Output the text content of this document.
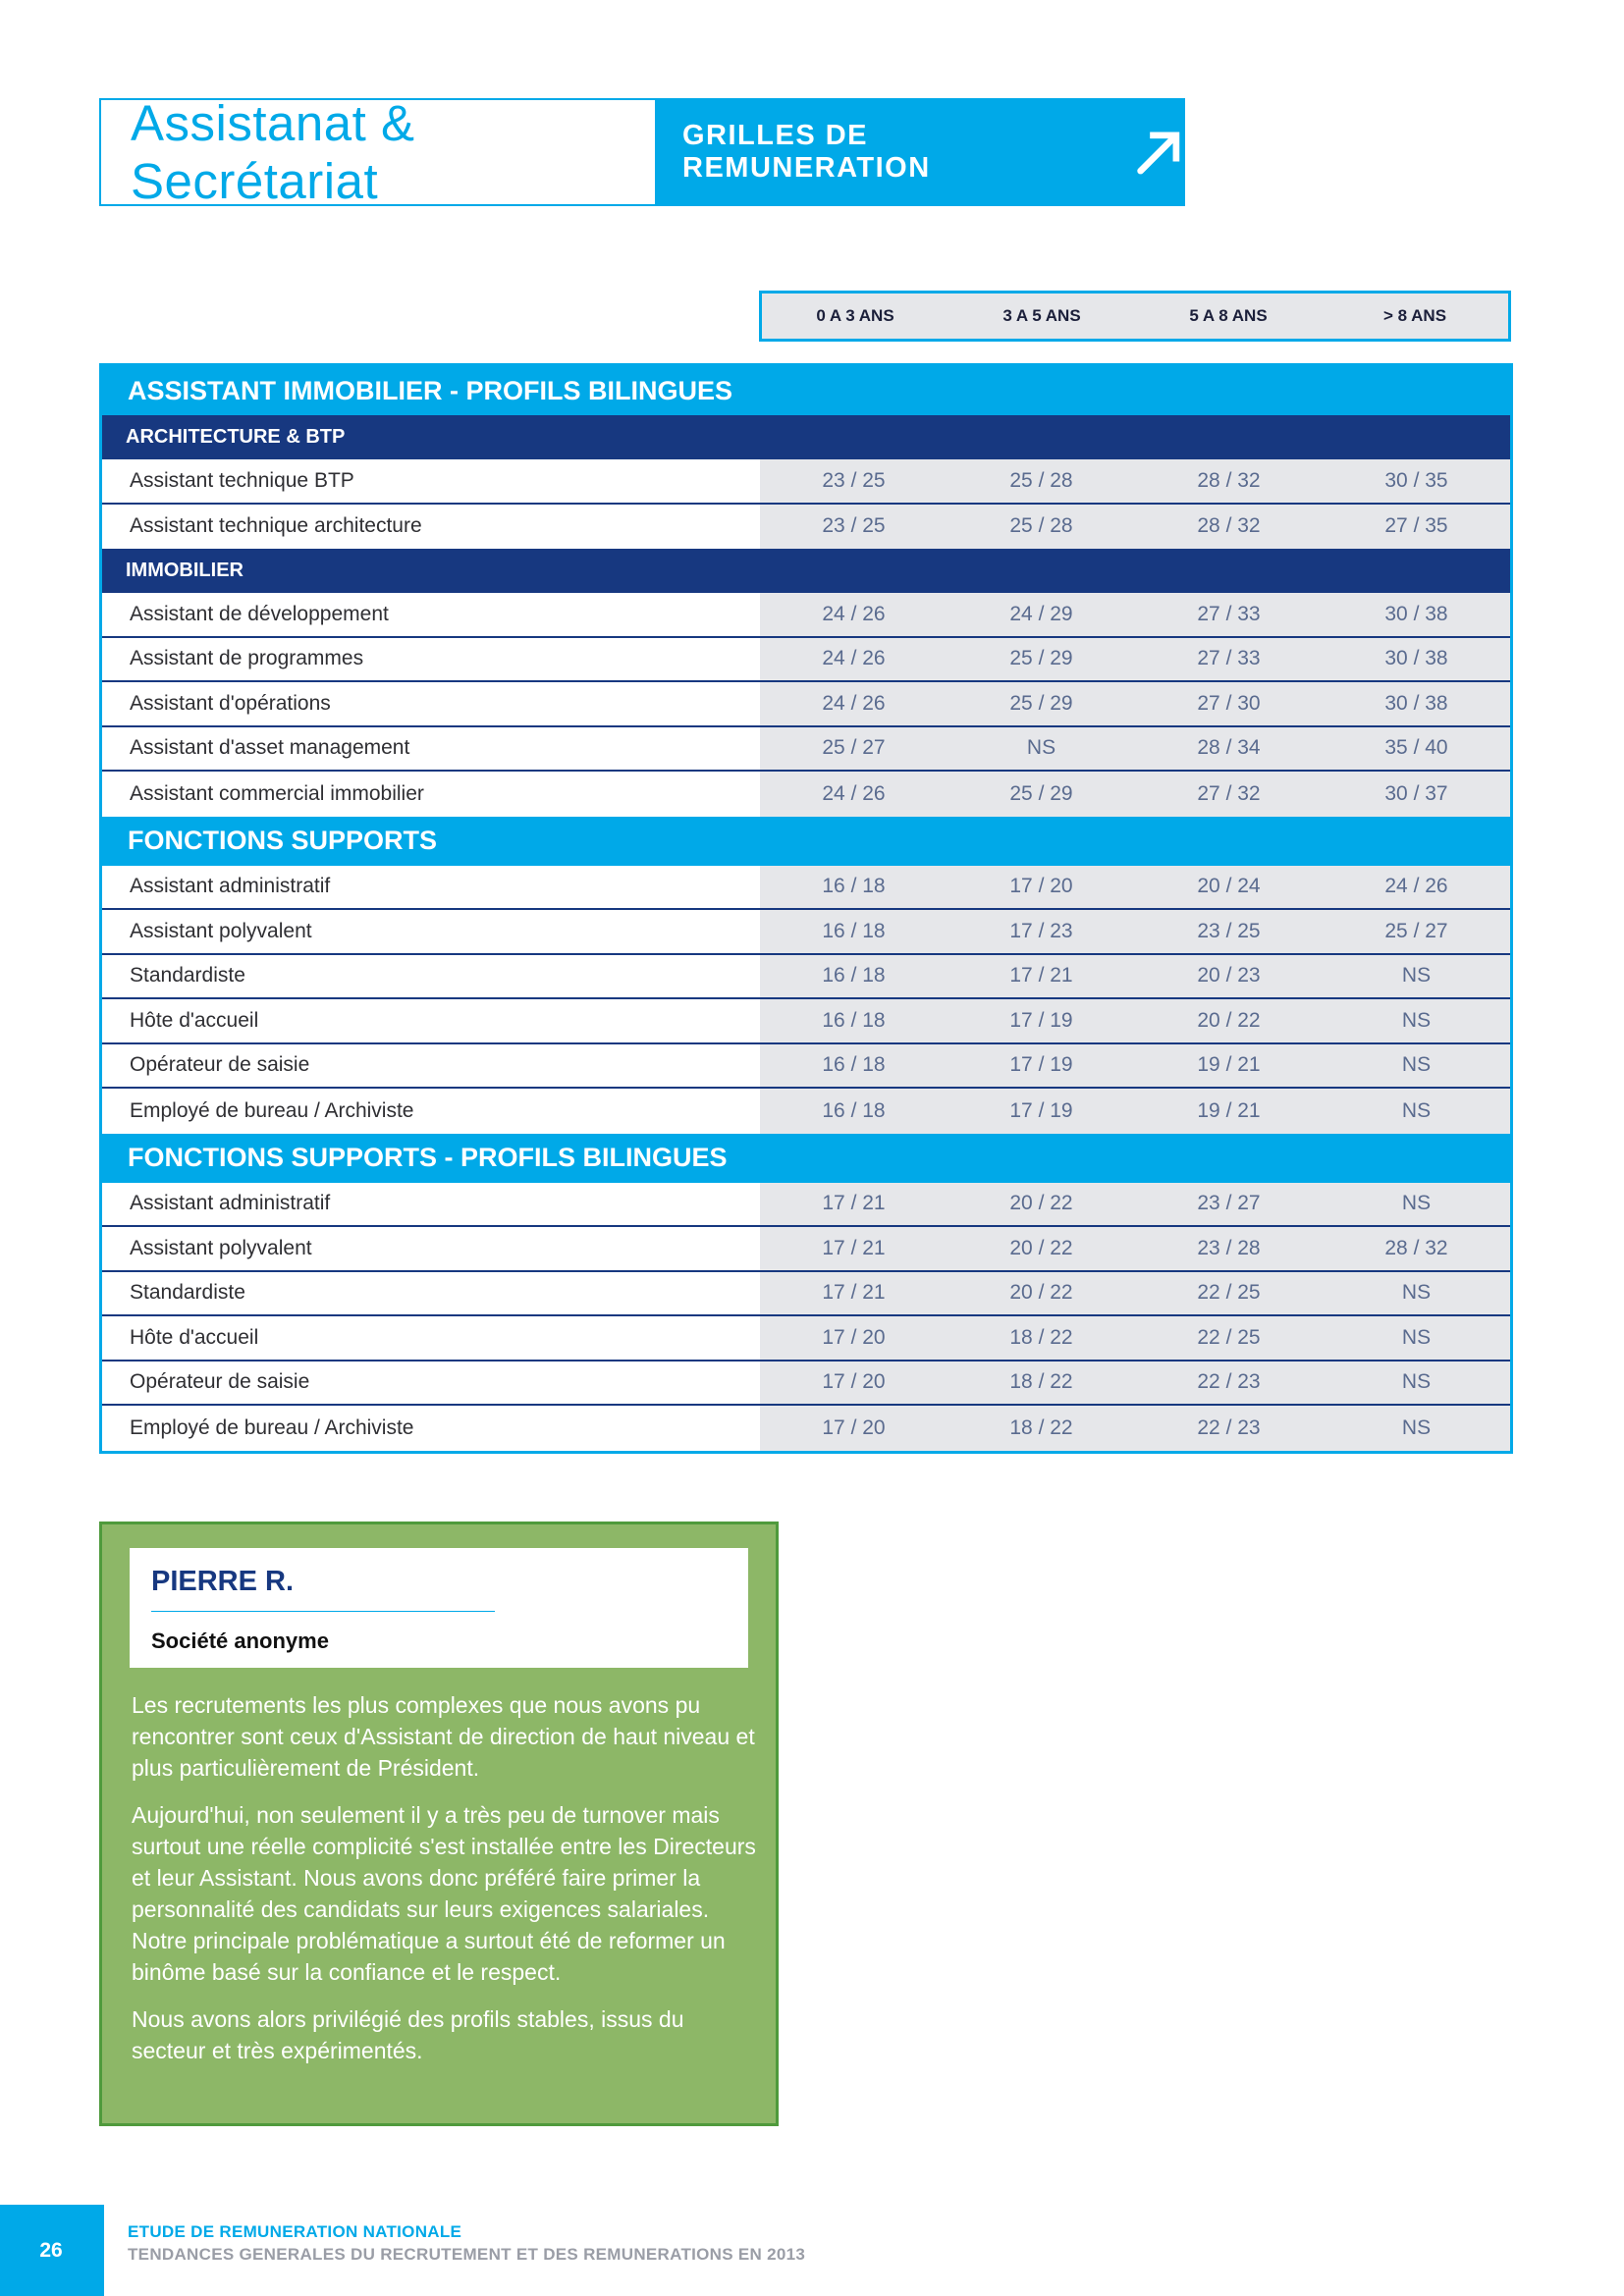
Assistanat & Secrétariat
GRILLES DE REMUNERATION
0 A 3 ANS	3 A 5 ANS	5 A 8 ANS	> 8 ANS
ASSISTANT IMMOBILIER - PROFILS BILINGUES
ARCHITECTURE & BTP
Assistant technique BTP	23 / 25	25 / 28	28 / 32	30 / 35
Assistant technique architecture	23 / 25	25 / 28	28 / 32	27 / 35
IMMOBILIER
Assistant de développement	24 / 26	24 / 29	27 / 33	30 / 38
Assistant de programmes	24 / 26	25 / 29	27 / 33	30 / 38
Assistant d'opérations	24 / 26	25 / 29	27 / 30	30 / 38
Assistant d'asset management	25 / 27	NS	28 / 34	35 / 40
Assistant commercial immobilier	24 / 26	25 / 29	27 / 32	30 / 37
FONCTIONS SUPPORTS
Assistant administratif	16 / 18	17 / 20	20 / 24	24 / 26
Assistant polyvalent	16 / 18	17 / 23	23 / 25	25 / 27
Standardiste	16 / 18	17 / 21	20 / 23	NS
Hôte d'accueil	16 / 18	17 / 19	20 / 22	NS
Opérateur de saisie	16 / 18	17 / 19	19 / 21	NS
Employé de bureau / Archiviste	16 / 18	17 / 19	19 / 21	NS
FONCTIONS SUPPORTS - PROFILS BILINGUES
Assistant administratif	17 / 21	20 / 22	23 / 27	NS
Assistant polyvalent	17 / 21	20 / 22	23 / 28	28 / 32
Standardiste	17 / 21	20 / 22	22 / 25	NS
Hôte d'accueil	17 / 20	18 / 22	22 / 25	NS
Opérateur de saisie	17 / 20	18 / 22	22 / 23	NS
Employé de bureau / Archiviste	17 / 20	18 / 22	22 / 23	NS
PIERRE R.
Société anonyme

Les recrutements les plus complexes que nous avons pu rencontrer sont ceux d'Assistant de direction de haut niveau et plus particulièrement de Président.

Aujourd'hui, non seulement il y a très peu de turnover mais surtout une réelle complicité s'est installée entre les Directeurs et leur Assistant. Nous avons donc préféré faire primer la personnalité des candidats sur leurs exigences salariales. Notre principale problématique a surtout été de reformer un binôme basé sur la confiance et le respect.

Nous avons alors privilégié des profils stables, issus du secteur et très expérimentés.

26
ETUDE DE REMUNERATION NATIONALE
TENDANCES GENERALES DU RECRUTEMENT ET DES REMUNERATIONS EN 2013
